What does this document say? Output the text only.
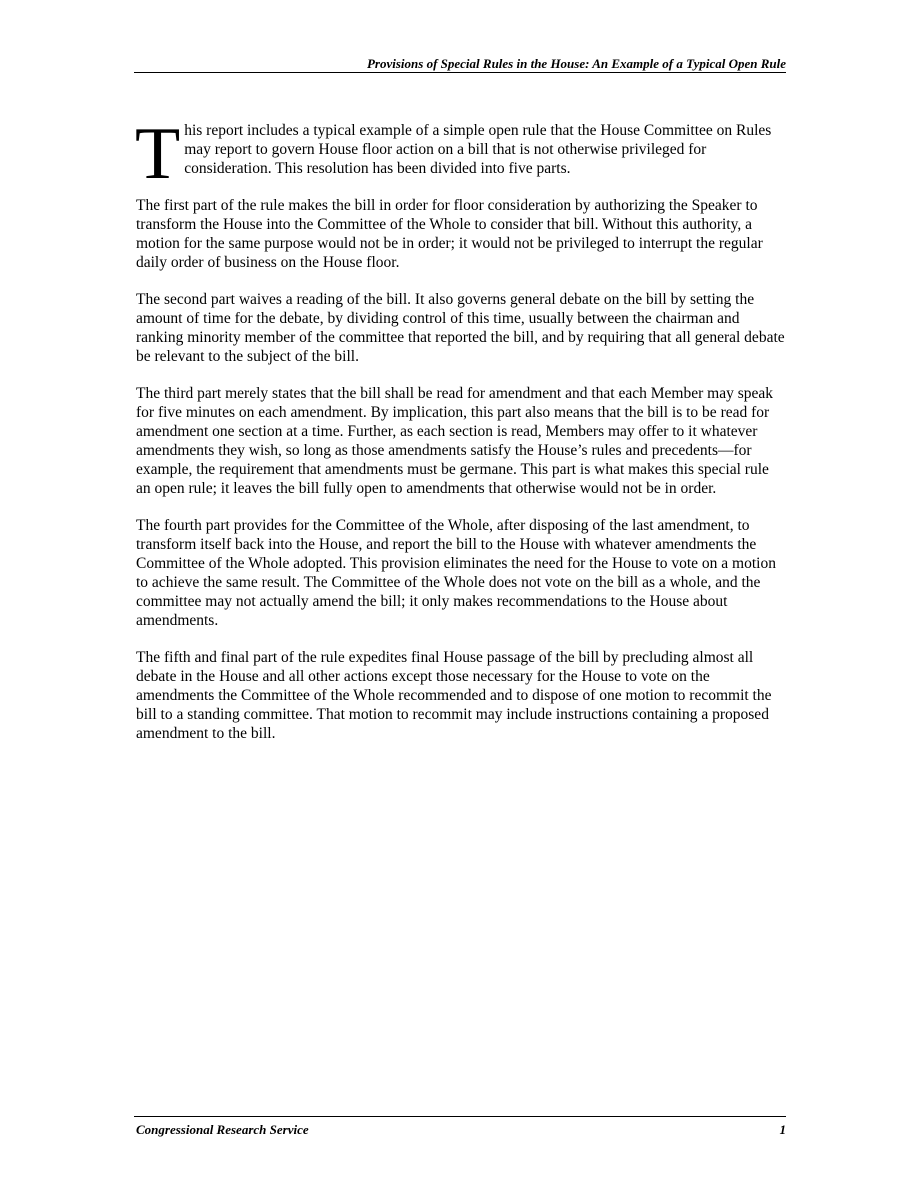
Provisions of Special Rules in the House: An Example of a Typical Open Rule

This report includes a typical example of a simple open rule that the House Committee on Rules may report to govern House floor action on a bill that is not otherwise privileged for consideration. This resolution has been divided into five parts.

The first part of the rule makes the bill in order for floor consideration by authorizing the Speaker to transform the House into the Committee of the Whole to consider that bill. Without this authority, a motion for the same purpose would not be in order; it would not be privileged to interrupt the regular daily order of business on the House floor.

The second part waives a reading of the bill. It also governs general debate on the bill by setting the amount of time for the debate, by dividing control of this time, usually between the chairman and ranking minority member of the committee that reported the bill, and by requiring that all general debate be relevant to the subject of the bill.

The third part merely states that the bill shall be read for amendment and that each Member may speak for five minutes on each amendment. By implication, this part also means that the bill is to be read for amendment one section at a time. Further, as each section is read, Members may offer to it whatever amendments they wish, so long as those amendments satisfy the House’s rules and precedents—for example, the requirement that amendments must be germane. This part is what makes this special rule an open rule; it leaves the bill fully open to amendments that otherwise would not be in order.

The fourth part provides for the Committee of the Whole, after disposing of the last amendment, to transform itself back into the House, and report the bill to the House with whatever amendments the Committee of the Whole adopted. This provision eliminates the need for the House to vote on a motion to achieve the same result. The Committee of the Whole does not vote on the bill as a whole, and the committee may not actually amend the bill; it only makes recommendations to the House about amendments.

The fifth and final part of the rule expedites final House passage of the bill by precluding almost all debate in the House and all other actions except those necessary for the House to vote on the amendments the Committee of the Whole recommended and to dispose of one motion to recommit the bill to a standing committee. That motion to recommit may include instructions containing a proposed amendment to the bill.

Congressional Research Service	1
